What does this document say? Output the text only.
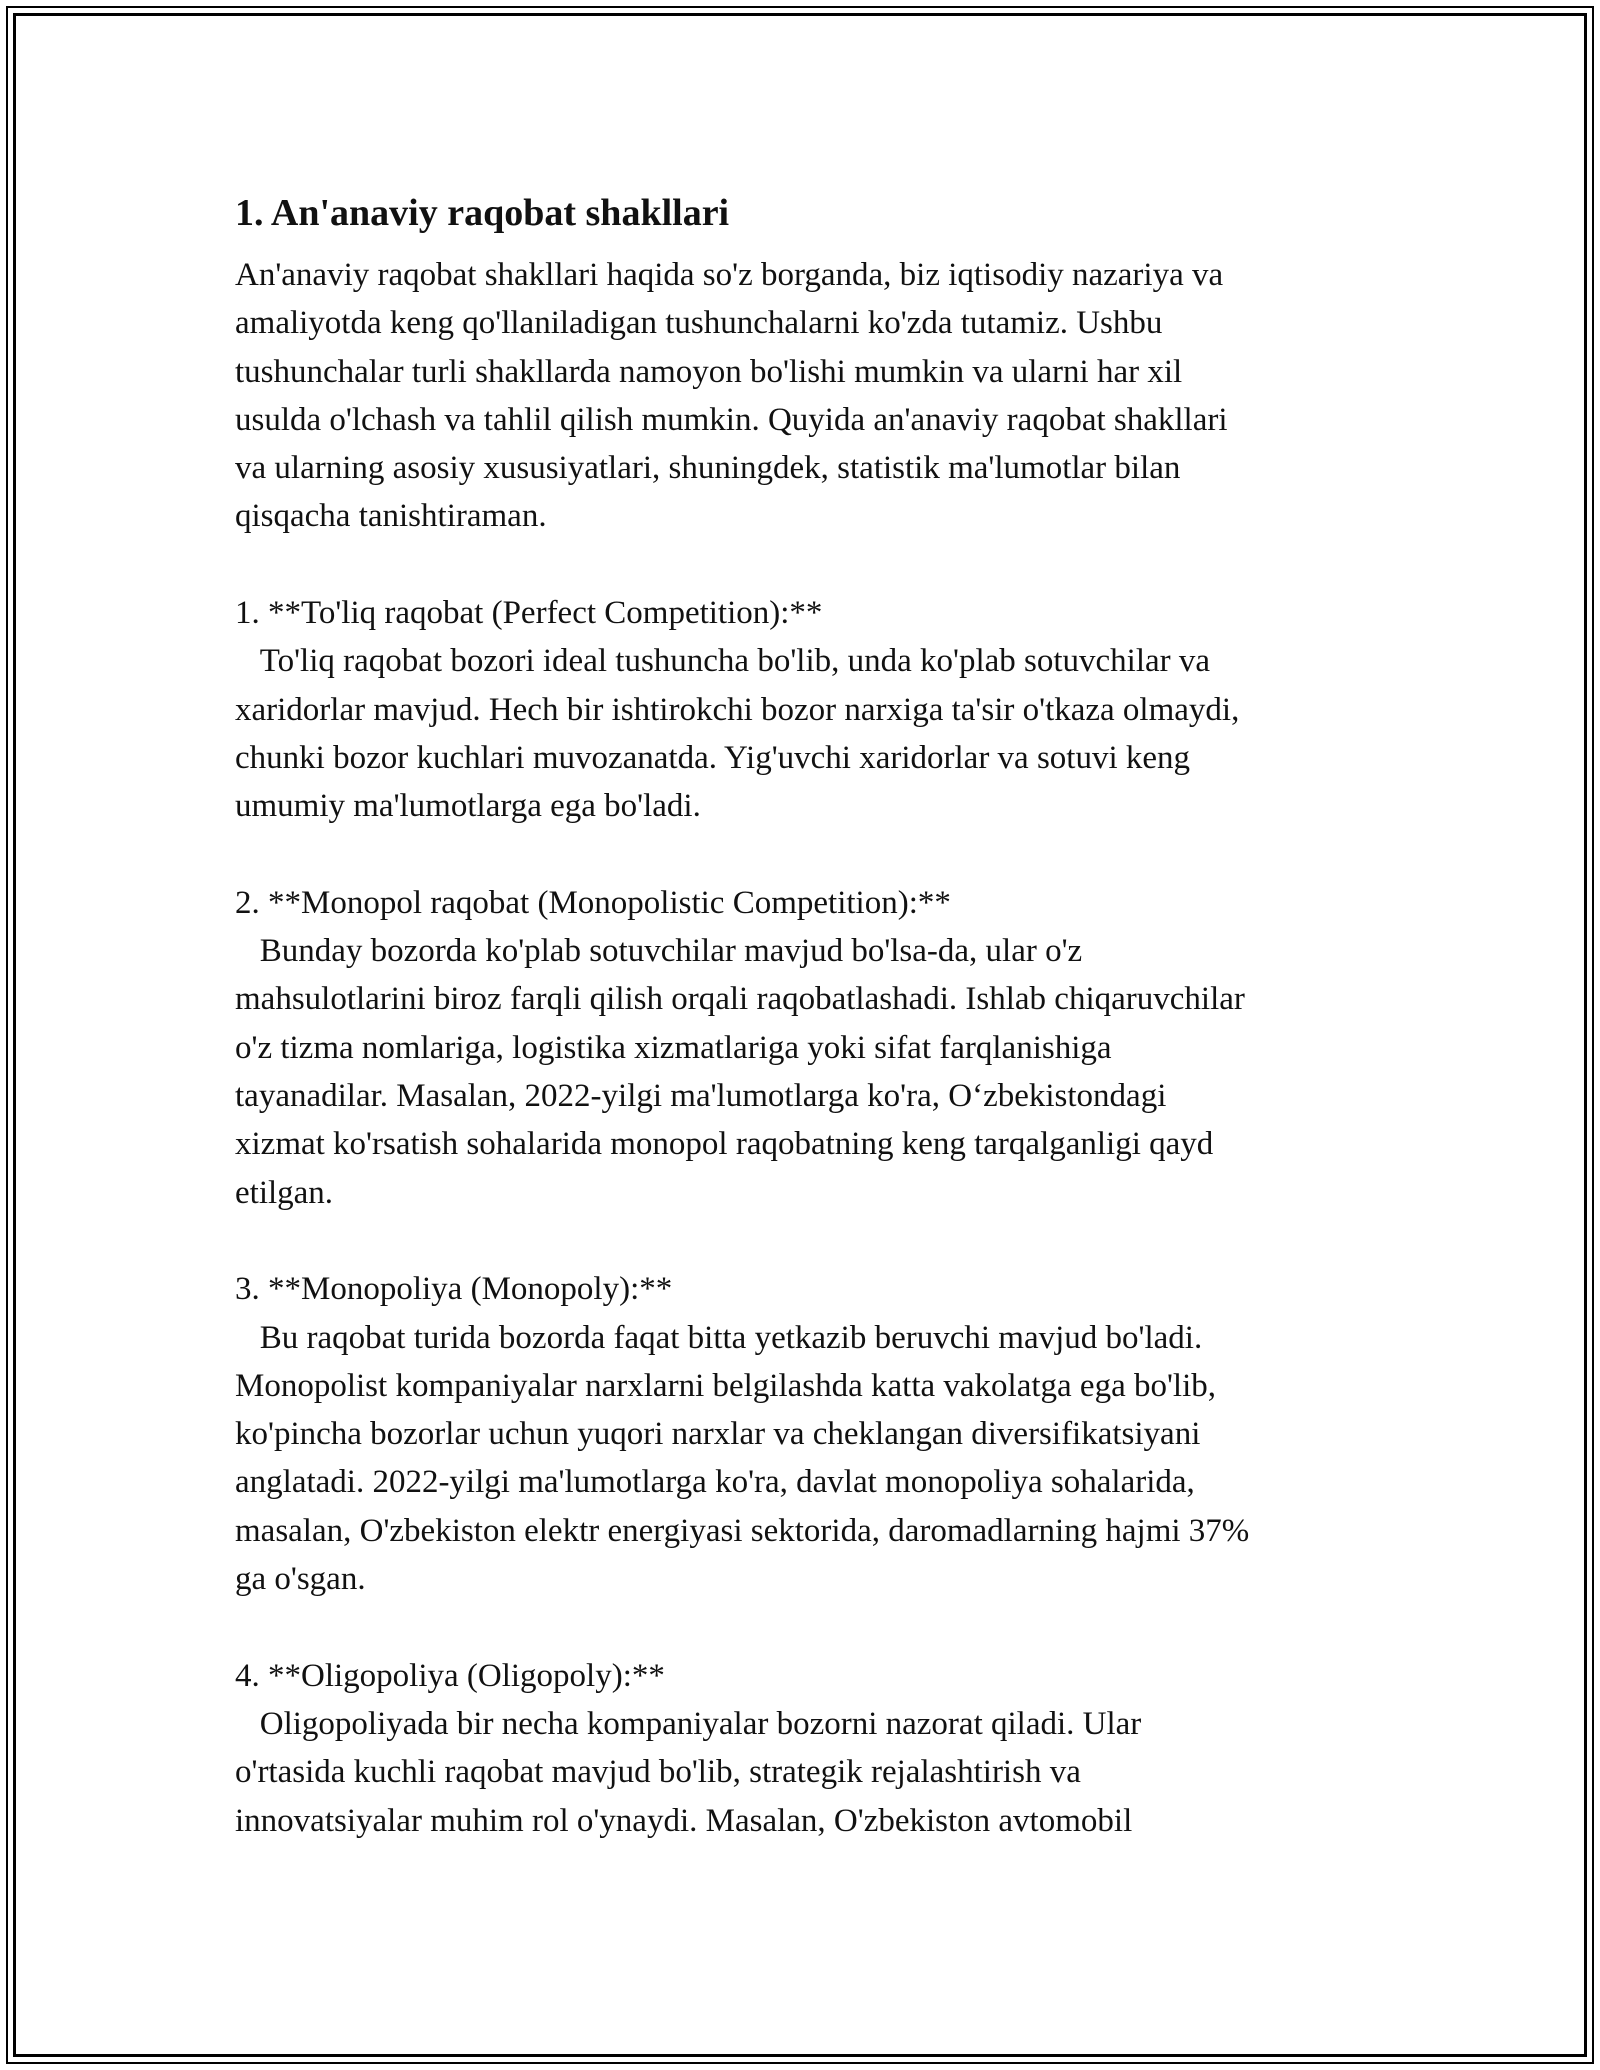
1. An'anaviy raqobat shakllari

An'anaviy raqobat shakllari haqida so'z borganda, biz iqtisodiy nazariya va
amaliyotda keng qo'llaniladigan tushunchalarni ko'zda tutamiz. Ushbu
tushunchalar turli shakllarda namoyon bo'lishi mumkin va ularni har xil
usulda o'lchash va tahlil qilish mumkin. Quyida an'anaviy raqobat shakllari
va ularning asosiy xususiyatlari, shuningdek, statistik ma'lumotlar bilan
qisqacha tanishtiraman.

1. **To'liq raqobat (Perfect Competition):**

To'liq raqobat bozori ideal tushuncha bo'lib, unda ko'plab sotuvchilar va
xaridorlar mavjud. Hech bir ishtirokchi bozor narxiga ta'sir o'tkaza olmaydi,
chunki bozor kuchlari muvozanatda. Yig'uvchi xaridorlar va sotuvi keng
umumiy ma'lumotlarga ega bo'ladi.

2. **Monopol raqobat (Monopolistic Competition):**

Bunday bozorda ko'plab sotuvchilar mavjud bo'lsa-da, ular o'z
mahsulotlarini biroz farqli qilish orqali raqobatlashadi. Ishlab chiqaruvchilar
o'z tizma nomlariga, logistika xizmatlariga yoki sifat farqlanishiga
tayanadilar. Masalan, 2022-yilgi ma'lumotlarga ko'ra, O‘zbekistondagi
xizmat ko'rsatish sohalarida monopol raqobatning keng tarqalganligi qayd
etilgan.

3. **Monopoliya (Monopoly):**

Bu raqobat turida bozorda faqat bitta yetkazib beruvchi mavjud bo'ladi.
Monopolist kompaniyalar narxlarni belgilashda katta vakolatga ega bo'lib,
ko'pincha bozorlar uchun yuqori narxlar va cheklangan diversifikatsiyani
anglatadi. 2022-yilgi ma'lumotlarga ko'ra, davlat monopoliya sohalarida,
masalan, O'zbekiston elektr energiyasi sektorida, daromadlarning hajmi 37%
ga o'sgan.

4. **Oligopoliya (Oligopoly):**

Oligopoliyada bir necha kompaniyalar bozorni nazorat qiladi. Ular
o'rtasida kuchli raqobat mavjud bo'lib, strategik rejalashtirish va
innovatsiyalar muhim rol o'ynaydi. Masalan, O'zbekiston avtomobil
